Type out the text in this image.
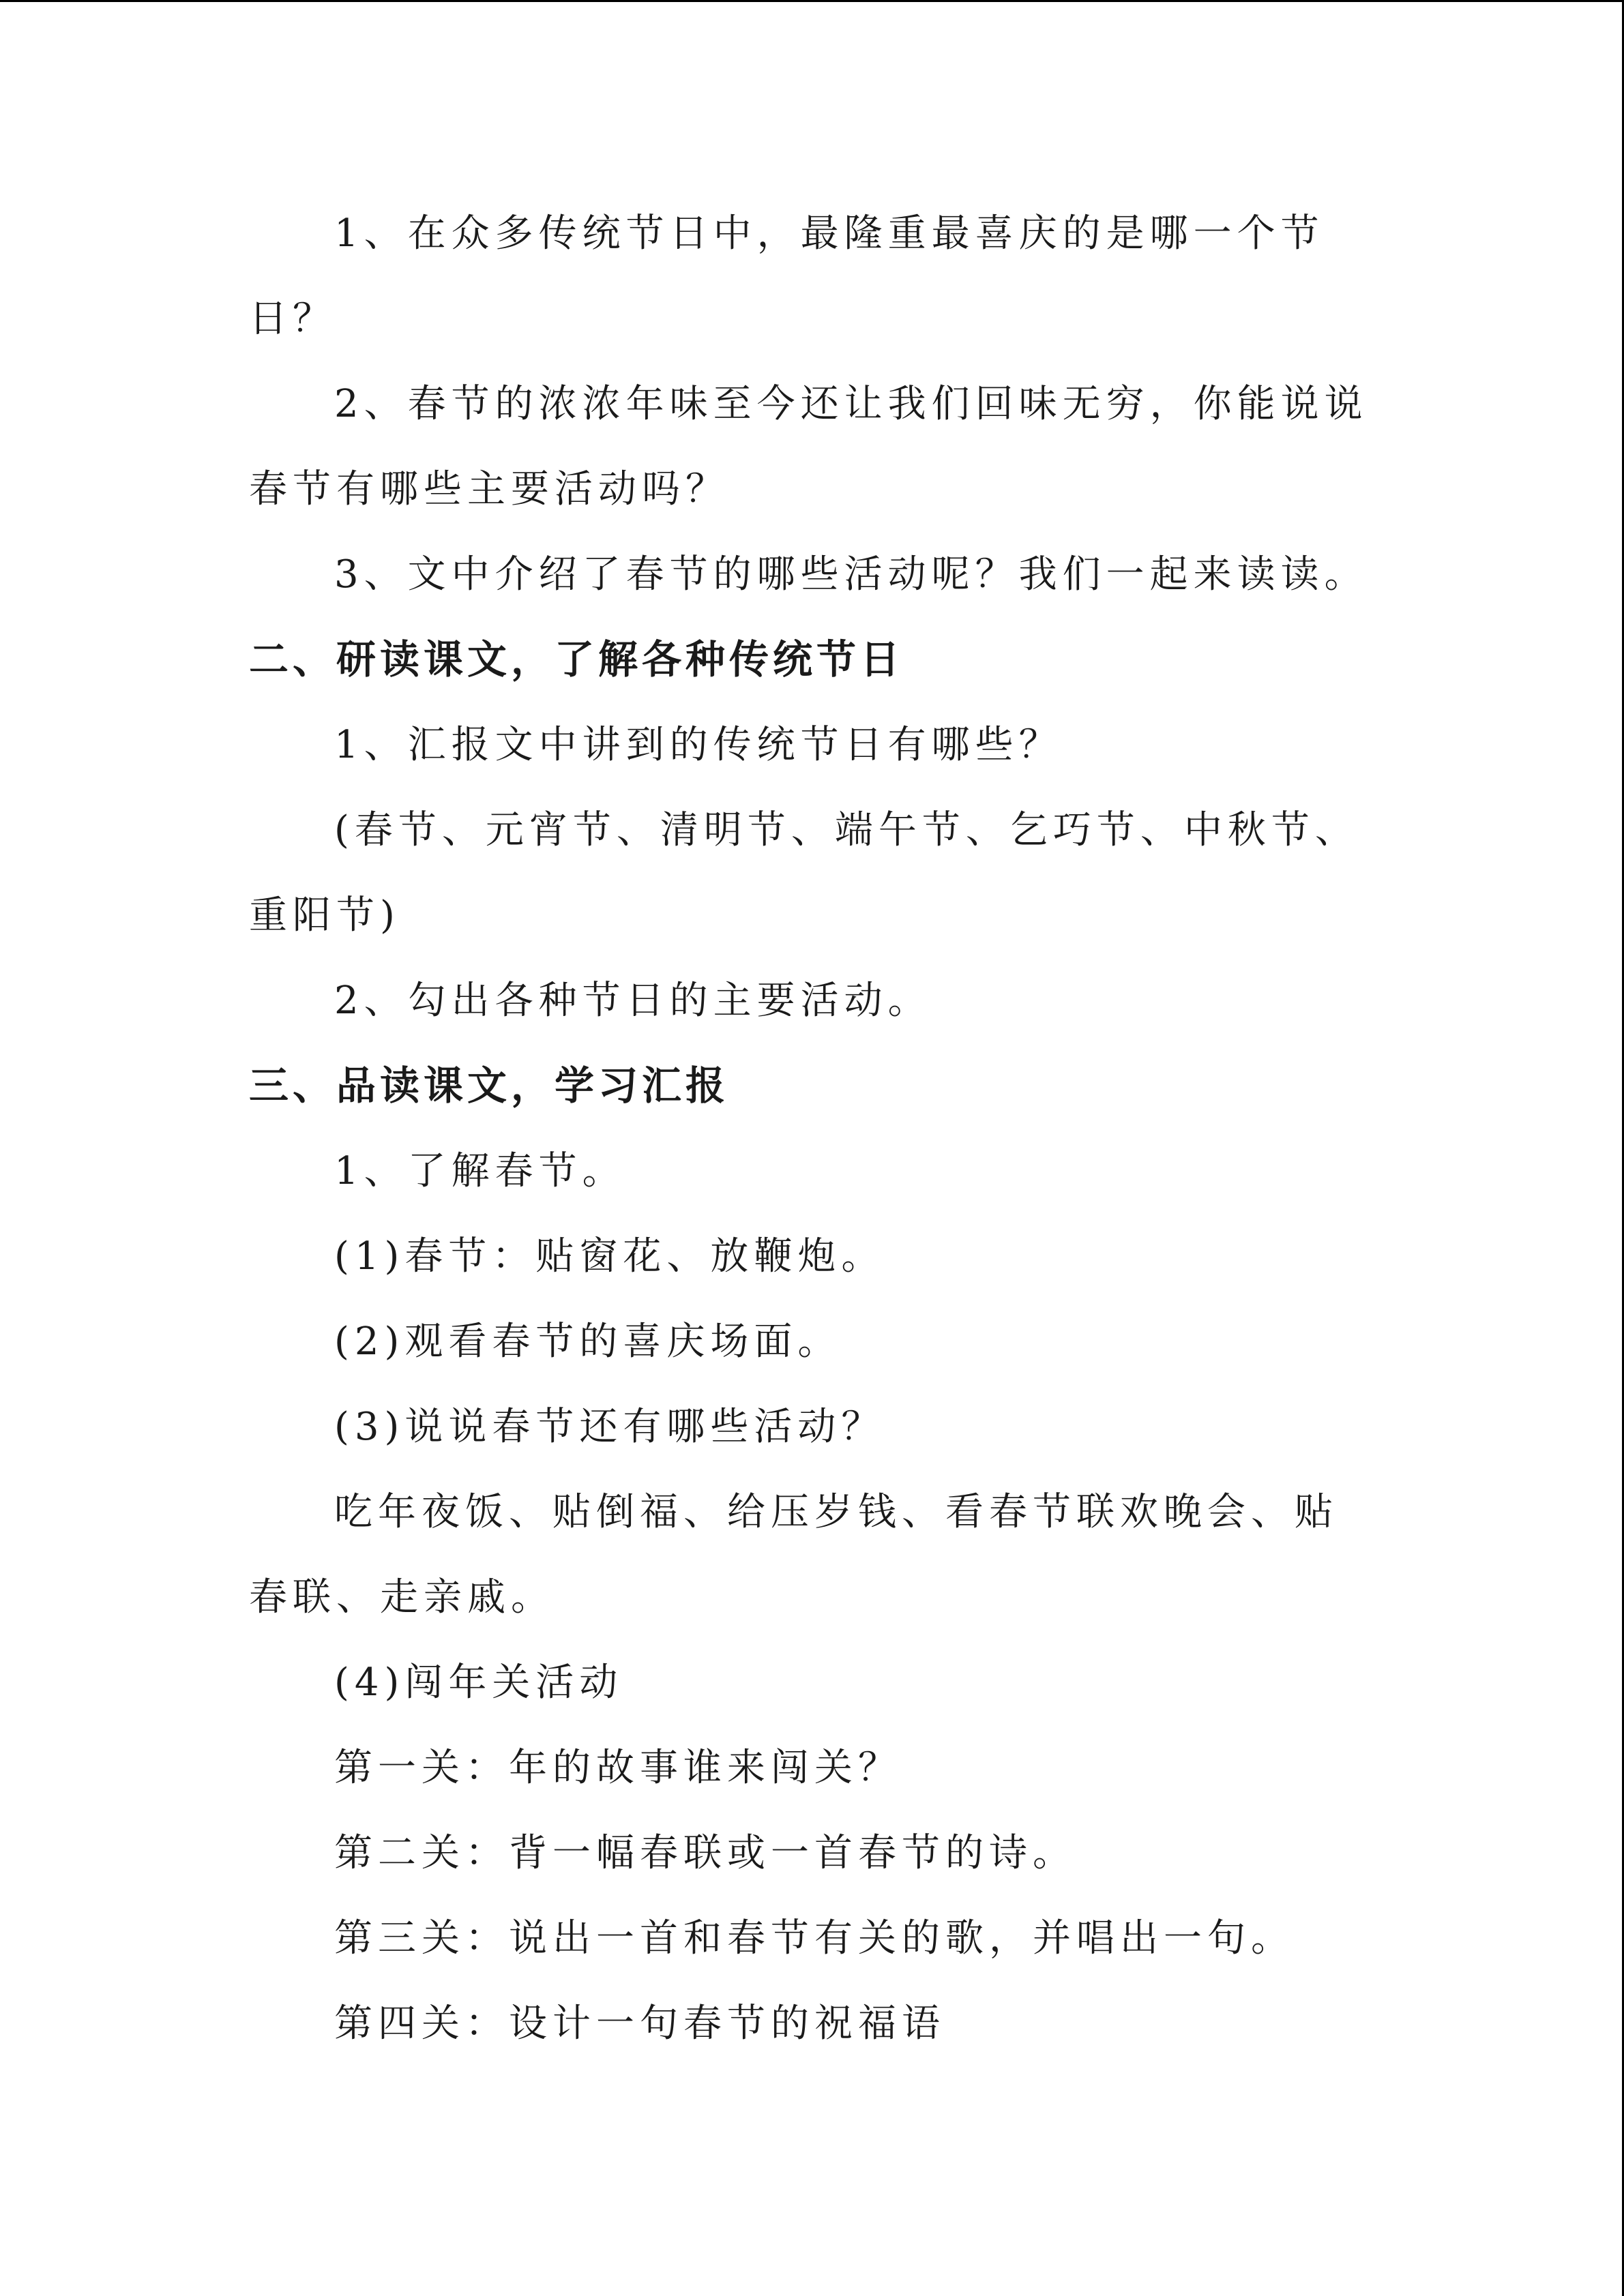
1、在众多传统节日中，最隆重最喜庆的是哪一个节日？

2、春节的浓浓年味至今还让我们回味无穷，你能说说春节有哪些主要活动吗？

3、文中介绍了春节的哪些活动呢？我们一起来读读。

二、研读课文，了解各种传统节日

1、汇报文中讲到的传统节日有哪些？

(春节、元宵节、清明节、端午节、乞巧节、中秋节、重阳节)

2、勾出各种节日的主要活动。

三、品读课文，学习汇报

1、了解春节。

(1)春节：贴窗花、放鞭炮。

(2)观看春节的喜庆场面。

(3)说说春节还有哪些活动？

吃年夜饭、贴倒福、给压岁钱、看春节联欢晚会、贴春联、走亲戚。

(4)闯年关活动

第一关：年的故事谁来闯关？

第二关：背一幅春联或一首春节的诗。

第三关：说出一首和春节有关的歌，并唱出一句。

第四关：设计一句春节的祝福语
